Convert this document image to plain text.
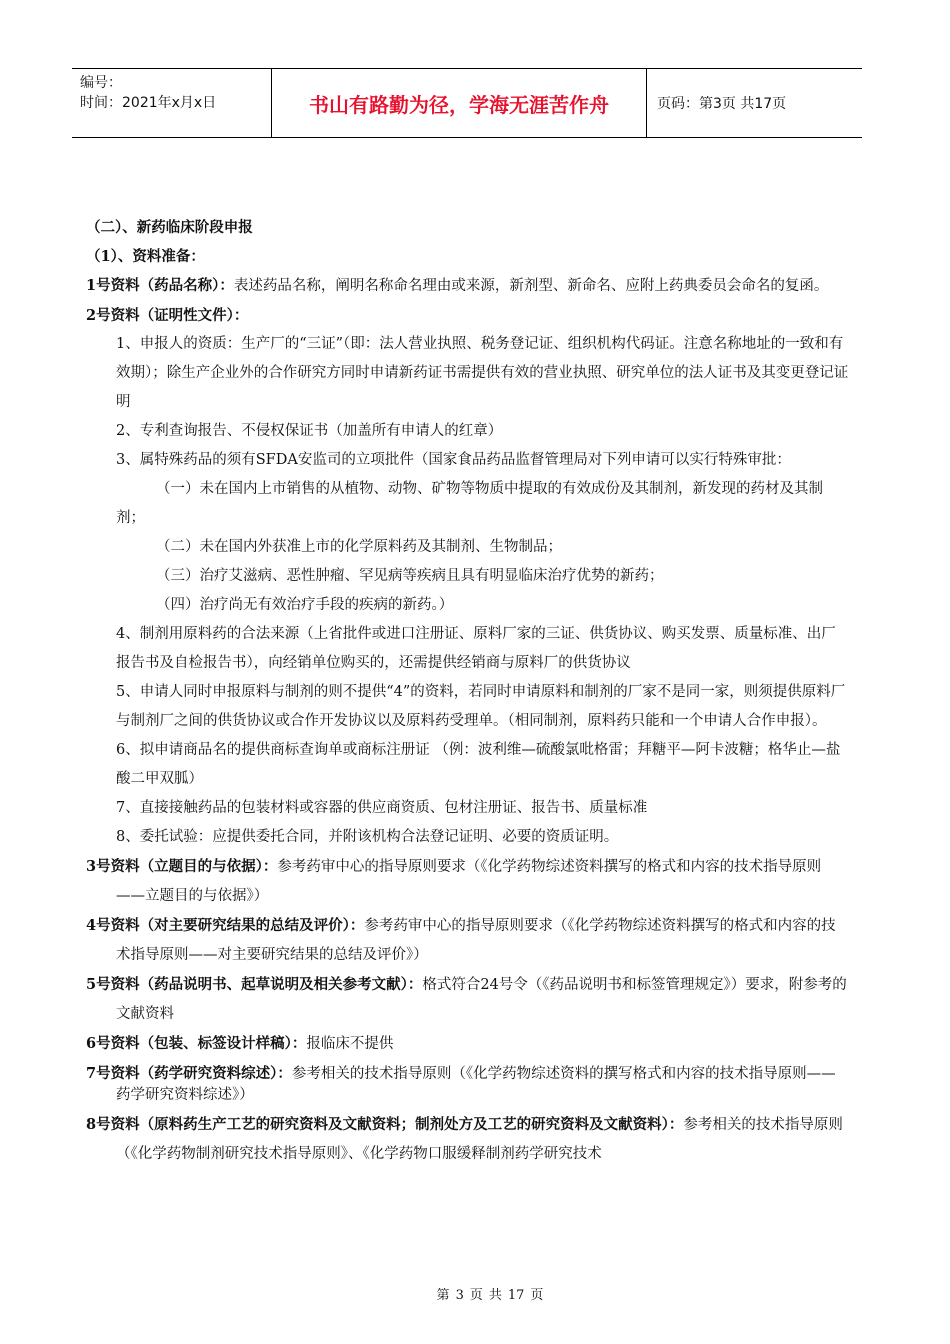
编号：
时间：2021年x月x日	书山有路勤为径，学海无涯苦作舟	页码：第3页 共17页

（二）、新药临床阶段申报

（1）、资料准备：

1号资料（药品名称）：表述药品名称，阐明名称命名理由或来源，新剂型、新命名、应附上药典委员会命名的复函。

2号资料（证明性文件）：

1、申报人的资质：生产厂的“三证”（即：法人营业执照、税务登记证、组织机构代码证。注意名称地址的一致和有效期）；除生产企业外的合作研究方同时申请新药证书需提供有效的营业执照、研究单位的法人证书及其变更登记证明

2、专利查询报告、不侵权保证书（加盖所有申请人的红章）

3、属特殊药品的须有SFDA安监司的立项批件（国家食品药品监督管理局对下列申请可以实行特殊审批：

（一）未在国内上市销售的从植物、动物、矿物等物质中提取的有效成份及其制剂，新发现的药材及其制剂；

（二）未在国内外获准上市的化学原料药及其制剂、生物制品；

（三）治疗艾滋病、恶性肿瘤、罕见病等疾病且具有明显临床治疗优势的新药；

（四）治疗尚无有效治疗手段的疾病的新药。）

4、制剂用原料药的合法来源（上省批件或进口注册证、原料厂家的三证、供货协议、购买发票、质量标准、出厂报告书及自检报告书），向经销单位购买的，还需提供经销商与原料厂的供货协议

5、申请人同时申报原料与制剂的则不提供“4”的资料，若同时申请原料和制剂的厂家不是同一家，则须提供原料厂与制剂厂之间的供货协议或合作开发协议以及原料药受理单。（相同制剂，原料药只能和一个申请人合作申报）。

6、拟申请商品名的提供商标查询单或商标注册证 （例：波利维—硫酸氯吡格雷；拜糖平—阿卡波糖；格华止—盐酸二甲双胍）

7、直接接触药品的包装材料或容器的供应商资质、包材注册证、报告书、质量标准

8、委托试验：应提供委托合同，并附该机构合法登记证明、必要的资质证明。

3号资料（立题目的与依据）：参考药审中心的指导原则要求（《化学药物综述资料撰写的格式和内容的技术指导原则——立题目的与依据》）

4号资料（对主要研究结果的总结及评价）：参考药审中心的指导原则要求（《化学药物综述资料撰写的格式和内容的技术指导原则——对主要研究结果的总结及评价》）

5号资料（药品说明书、起草说明及相关参考文献）：格式符合24号令（《药品说明书和标签管理规定》）要求，附参考的文献资料

6号资料（包装、标签设计样稿）：报临床不提供

7号资料（药学研究资料综述）：参考相关的技术指导原则（《化学药物综述资料的撰写格式和内容的技术指导原则——药学研究资料综述》）

8号资料（原料药生产工艺的研究资料及文献资料；制剂处方及工艺的研究资料及文献资料）：参考相关的技术指导原则（《化学药物制剂研究技术指导原则》、《化学药物口服缓释制剂药学研究技术

第 3 页 共 17 页
